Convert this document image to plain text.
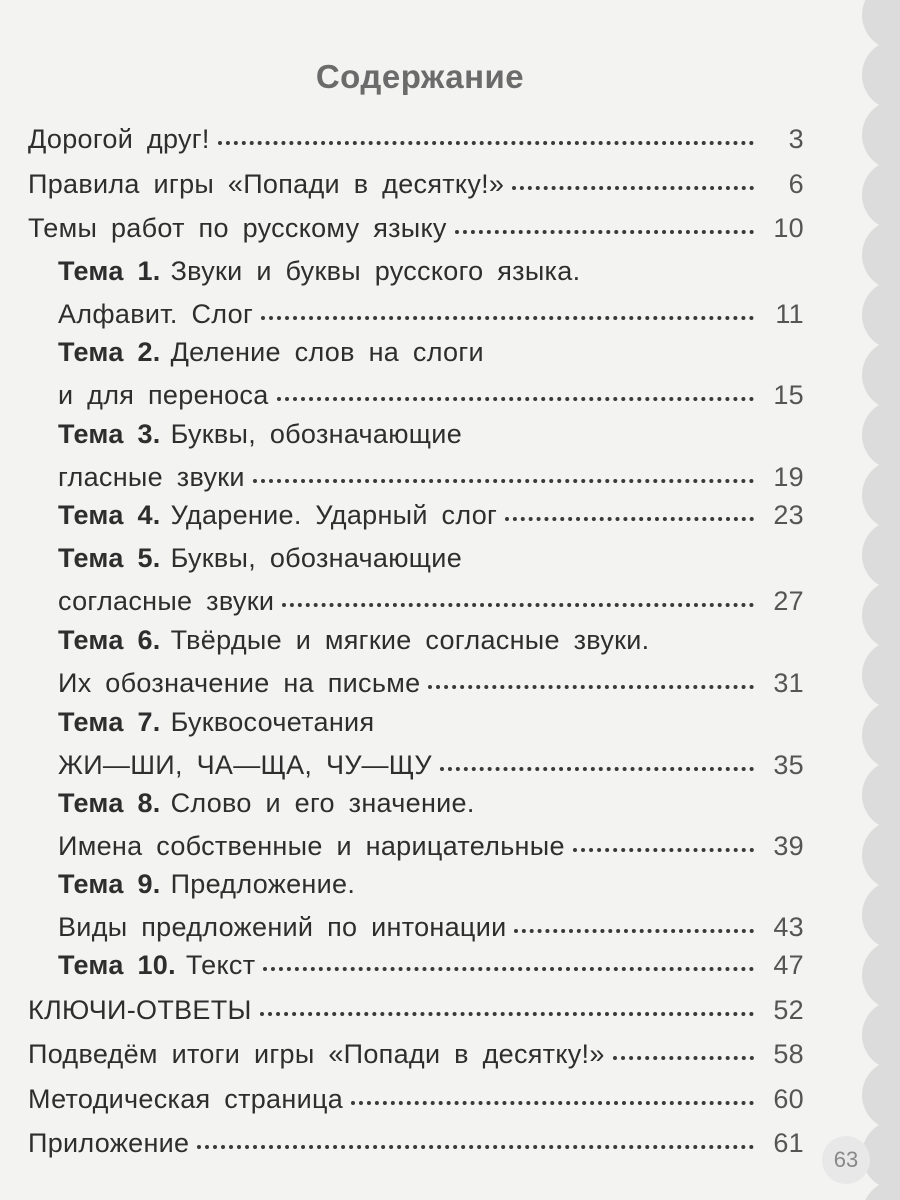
Содержание
Дорогой друг!	3
Правила игры «Попади в десятку!»	6
Темы работ по русскому языку	10
Тема 1. Звуки и буквы русского языка.
Алфавит. Слог	11
Тема 2. Деление слов на слоги
и для переноса	15
Тема 3. Буквы, обозначающие
гласные звуки	19
Тема 4. Ударение. Ударный слог	23
Тема 5. Буквы, обозначающие
согласные звуки	27
Тема 6. Твёрдые и мягкие согласные звуки.
Их обозначение на письме	31
Тема 7. Буквосочетания
ЖИ—ШИ, ЧА—ЩА, ЧУ—ЩУ	35
Тема 8. Слово и его значение.
Имена собственные и нарицательные	39
Тема 9. Предложение.
Виды предложений по интонации	43
Тема 10. Текст	47
КЛЮЧИ-ОТВЕТЫ	52
Подведём итоги игры «Попади в десятку!»	58
Методическая страница	60
Приложение	61
63
